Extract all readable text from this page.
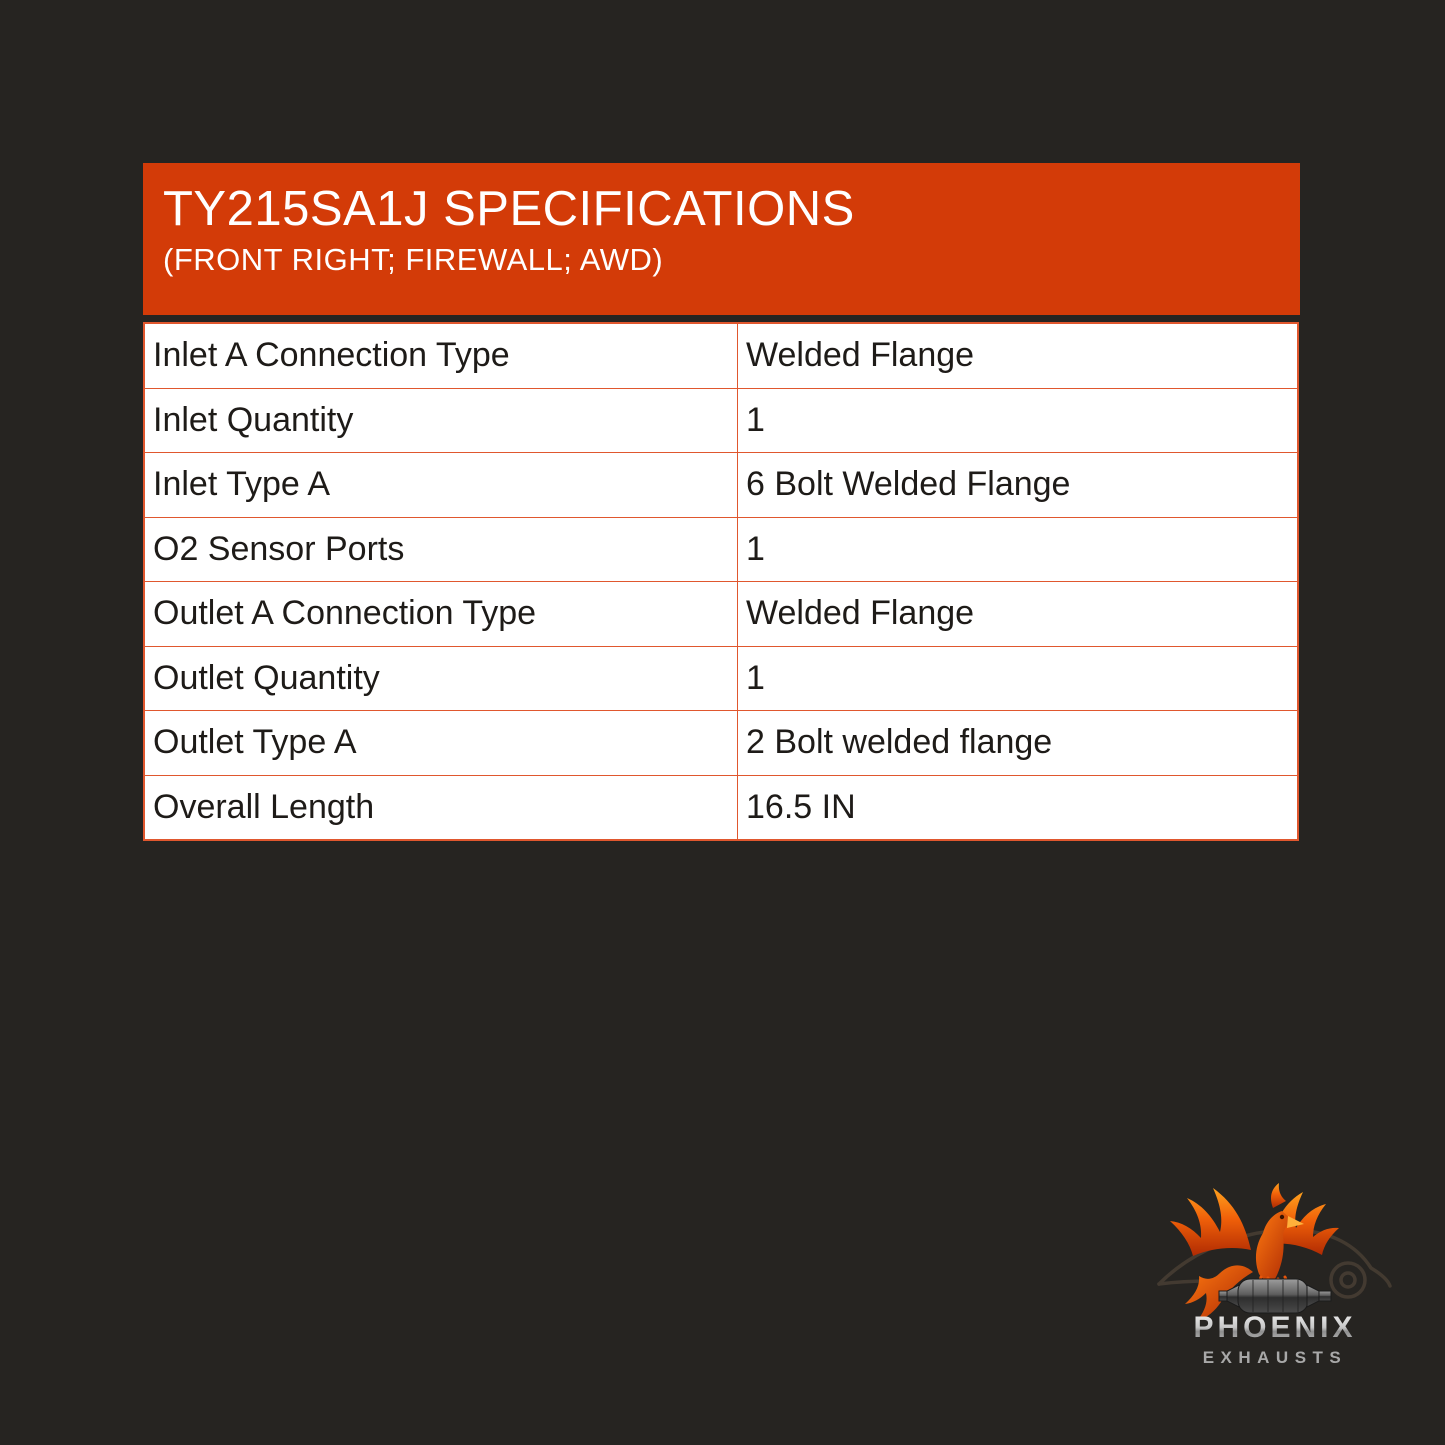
TY215SA1J SPECIFICATIONS
(FRONT RIGHT; FIREWALL; AWD)
Inlet A Connection Type	Welded Flange
Inlet Quantity	1
Inlet Type A	6 Bolt Welded Flange
O2 Sensor Ports	1
Outlet A Connection Type	Welded Flange
Outlet Quantity	1
Outlet Type A	2 Bolt welded flange
Overall Length	16.5 IN
PHOENIX
EXHAUSTS
